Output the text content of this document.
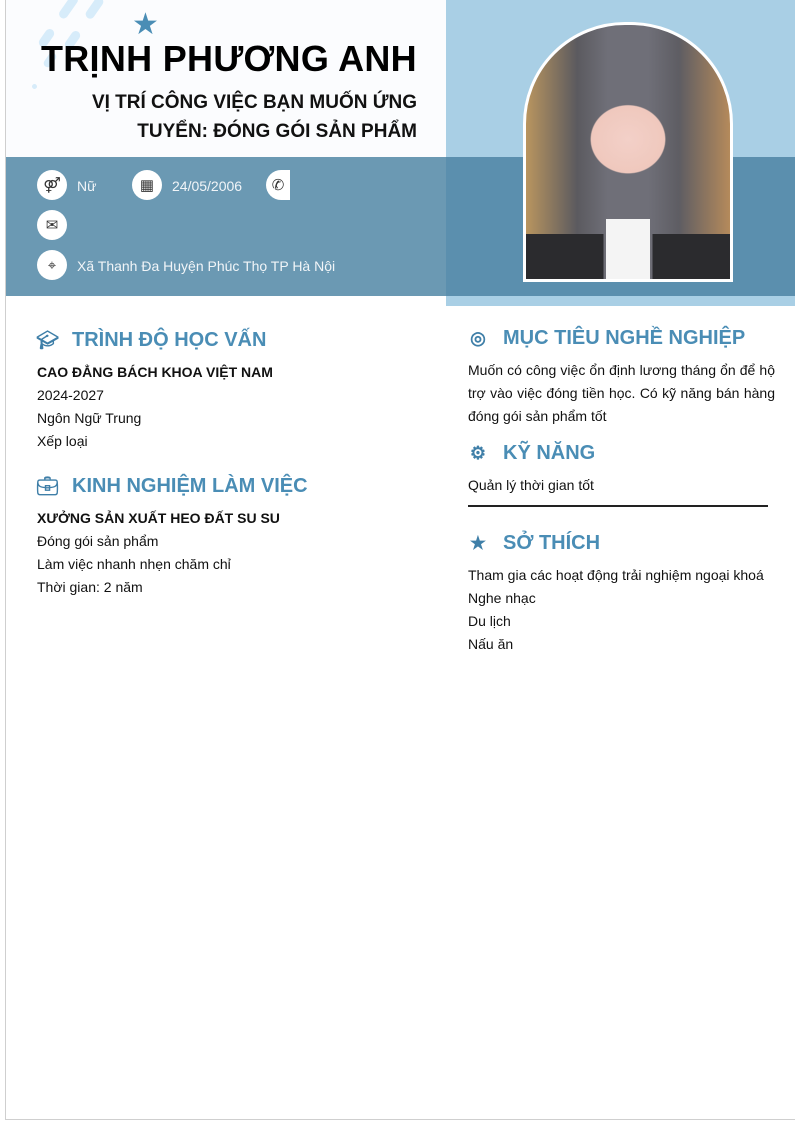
★
TRỊNH PHƯƠNG ANH
VỊ TRÍ CÔNG VIỆC BẠN MUỐN ỨNG TUYỂN: ĐÓNG GÓI SẢN PHẨM
⚤	Nữ	▦	24/05/2006	✆
✉
⌖	Xã Thanh Đa Huyện Phúc Thọ TP Hà Nội
🎓︎ TRÌNH ĐỘ HỌC VẤN
CAO ĐẲNG BÁCH KHOA VIỆT NAM
2024-2027
Ngôn Ngữ Trung
Xếp loại
💼︎ KINH NGHIỆM LÀM VIỆC
XƯỞNG SẢN XUẤT HEO ĐẤT SU SU
Đóng gói sản phẩm
Làm việc nhanh nhẹn chăm chỉ
Thời gian: 2 năm
◎ MỤC TIÊU NGHỀ NGHIỆP
Muốn có công việc ổn định lương tháng ổn để hộ trợ vào việc đóng tiền học. Có kỹ năng bán hàng đóng gói sản phẩm tốt
⚙ KỸ NĂNG
Quản lý thời gian tốt
★ SỞ THÍCH
Tham gia các hoạt động trải nghiệm ngoại khoá
Nghe nhạc
Du lịch
Nấu ăn
